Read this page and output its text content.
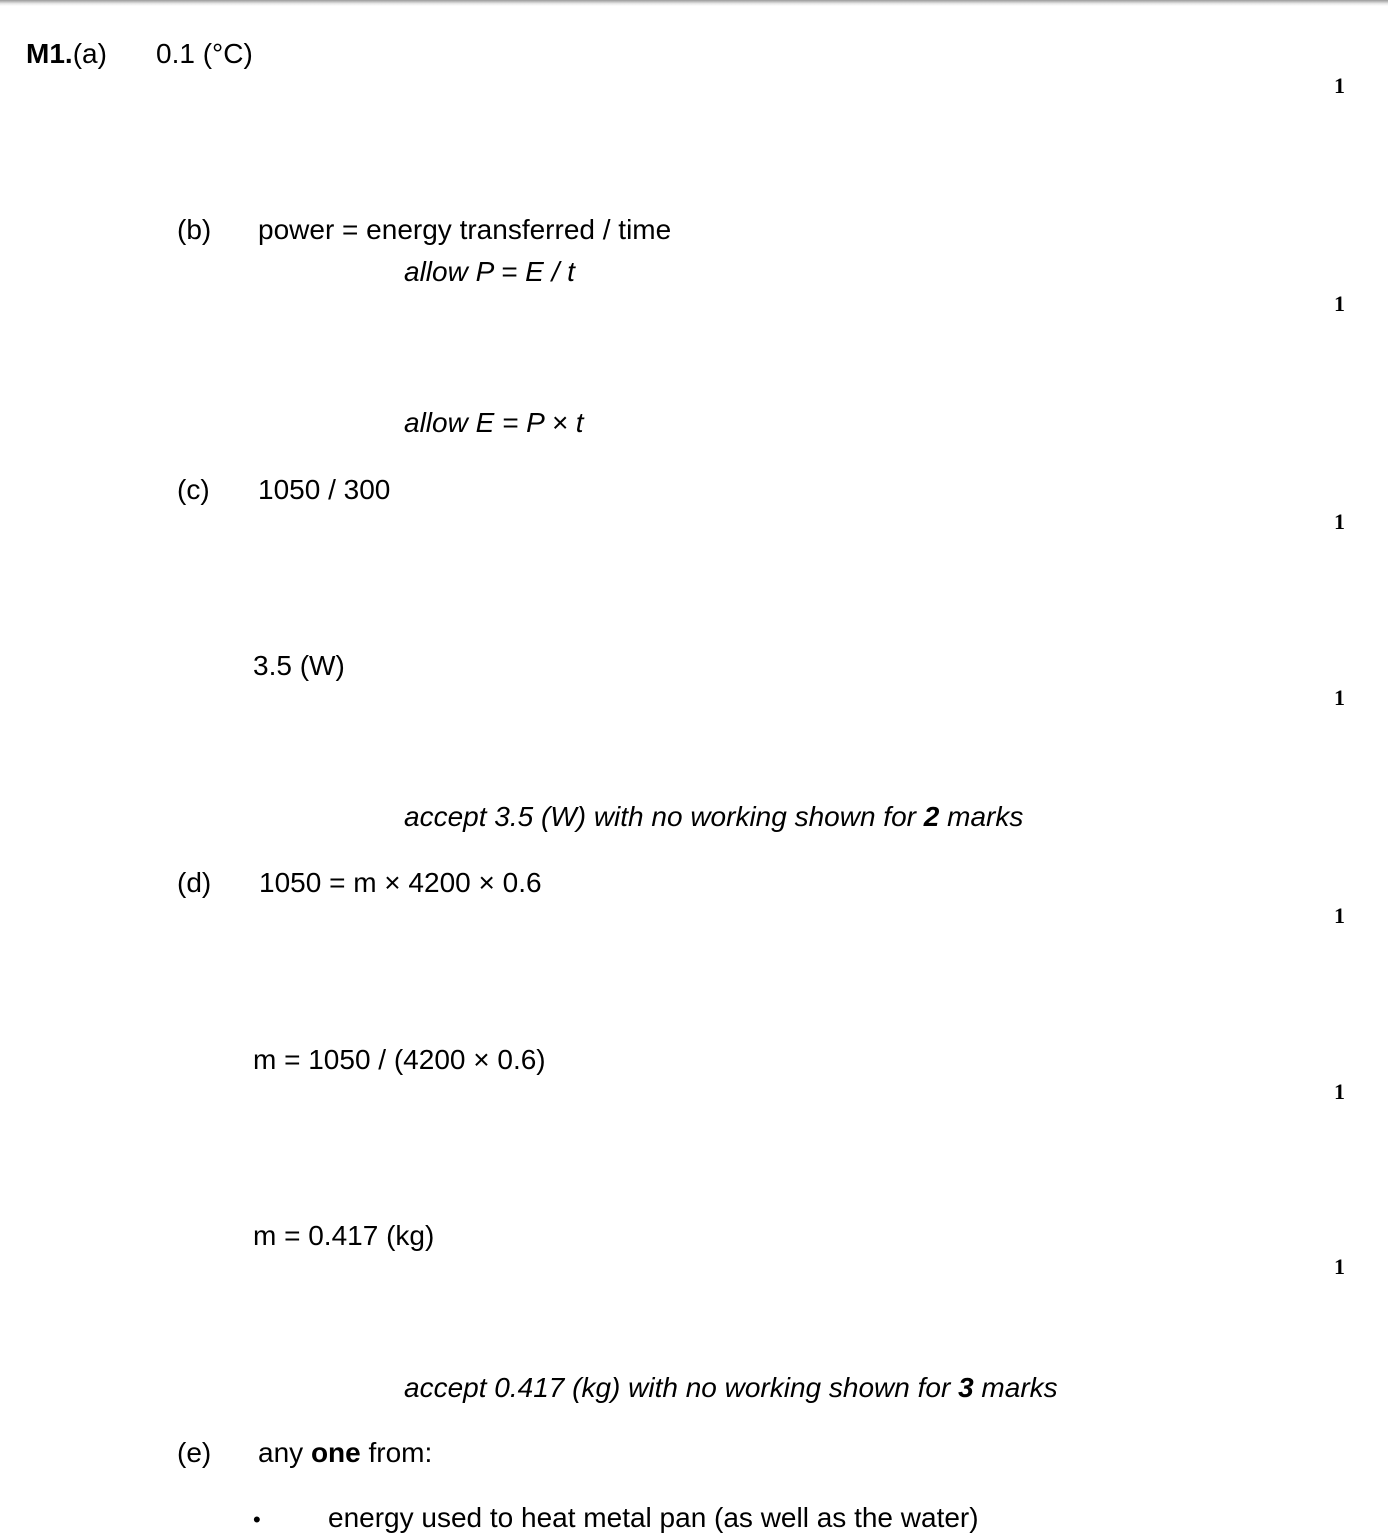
M1.(a) 0.1 (°C)
1
(b) power = energy transferred / time
allow P = E / t
1
allow E = P × t
(c) 1050 / 300
1
3.5 (W)
1
accept 3.5 (W) with no working shown for 2 marks
(d) 1050 = m × 4200 × 0.6
1
m = 1050 / (4200 × 0.6)
1
m = 0.417 (kg)
1
accept 0.417 (kg) with no working shown for 3 marks
(e) any one from:
• energy used to heat metal pan (as well as the water)
